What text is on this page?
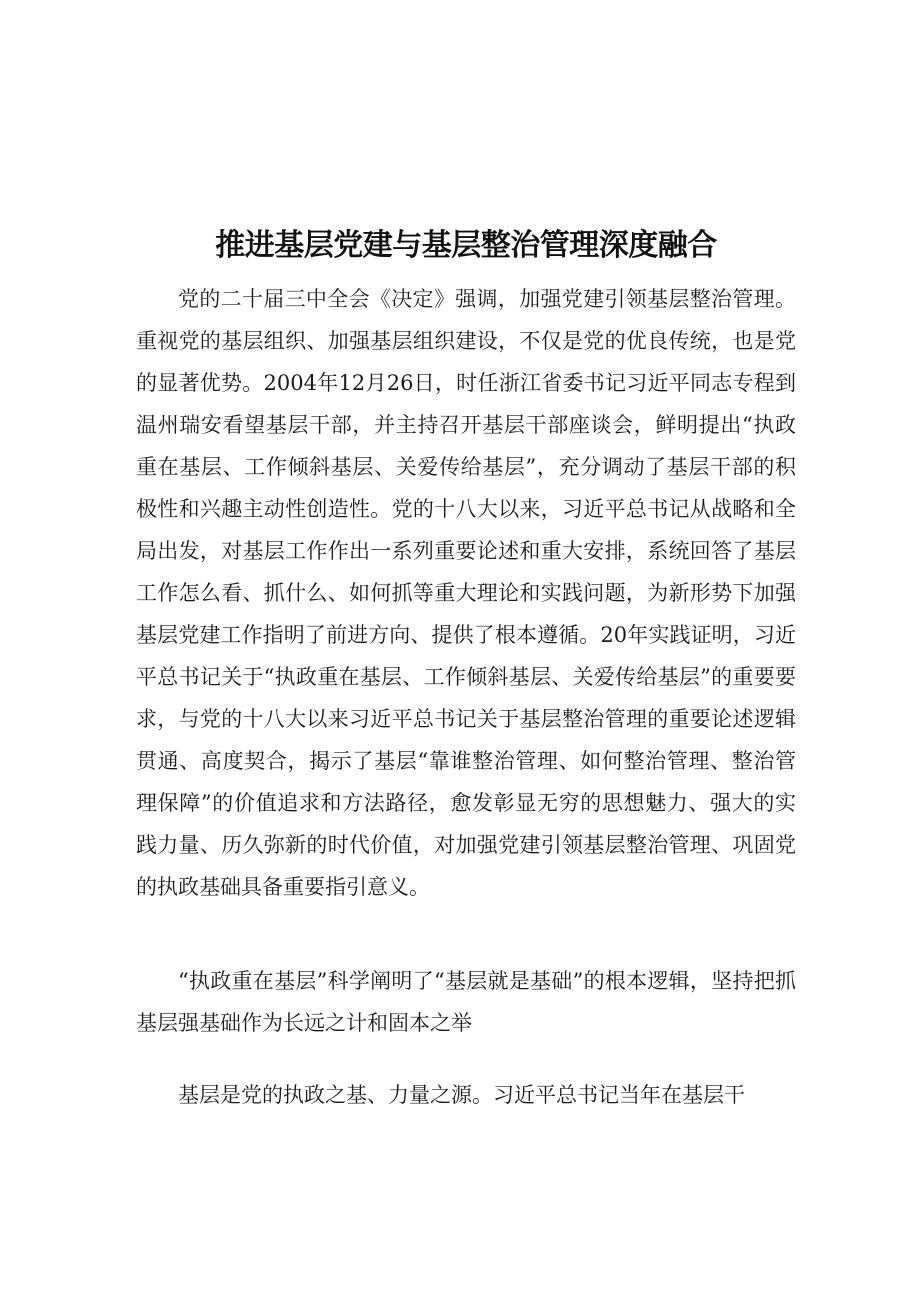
推进基层党建与基层整治管理深度融合

党的二十届三中全会《决定》强调，加强党建引领基层整治管理。重视党的基层组织、加强基层组织建设，不仅是党的优良传统，也是党的显著优势。2004年12月26日，时任浙江省委书记习近平同志专程到温州瑞安看望基层干部，并主持召开基层干部座谈会，鲜明提出“执政重在基层、工作倾斜基层、关爱传给基层”，充分调动了基层干部的积极性和兴趣主动性创造性。党的十八大以来，习近平总书记从战略和全局出发，对基层工作作出一系列重要论述和重大安排，系统回答了基层工作怎么看、抓什么、如何抓等重大理论和实践问题，为新形势下加强基层党建工作指明了前进方向、提供了根本遵循。20年实践证明，习近平总书记关于“执政重在基层、工作倾斜基层、关爱传给基层”的重要要求，与党的十八大以来习近平总书记关于基层整治管理的重要论述逻辑贯通、高度契合，揭示了基层“靠谁整治管理、如何整治管理、整治管理保障”的价值追求和方法路径，愈发彰显无穷的思想魅力、强大的实践力量、历久弥新的时代价值，对加强党建引领基层整治管理、巩固党的执政基础具备重要指引意义。

“执政重在基层”科学阐明了“基层就是基础”的根本逻辑，坚持把抓基层强基础作为长远之计和固本之举

基层是党的执政之基、力量之源。习近平总书记当年在基层干
